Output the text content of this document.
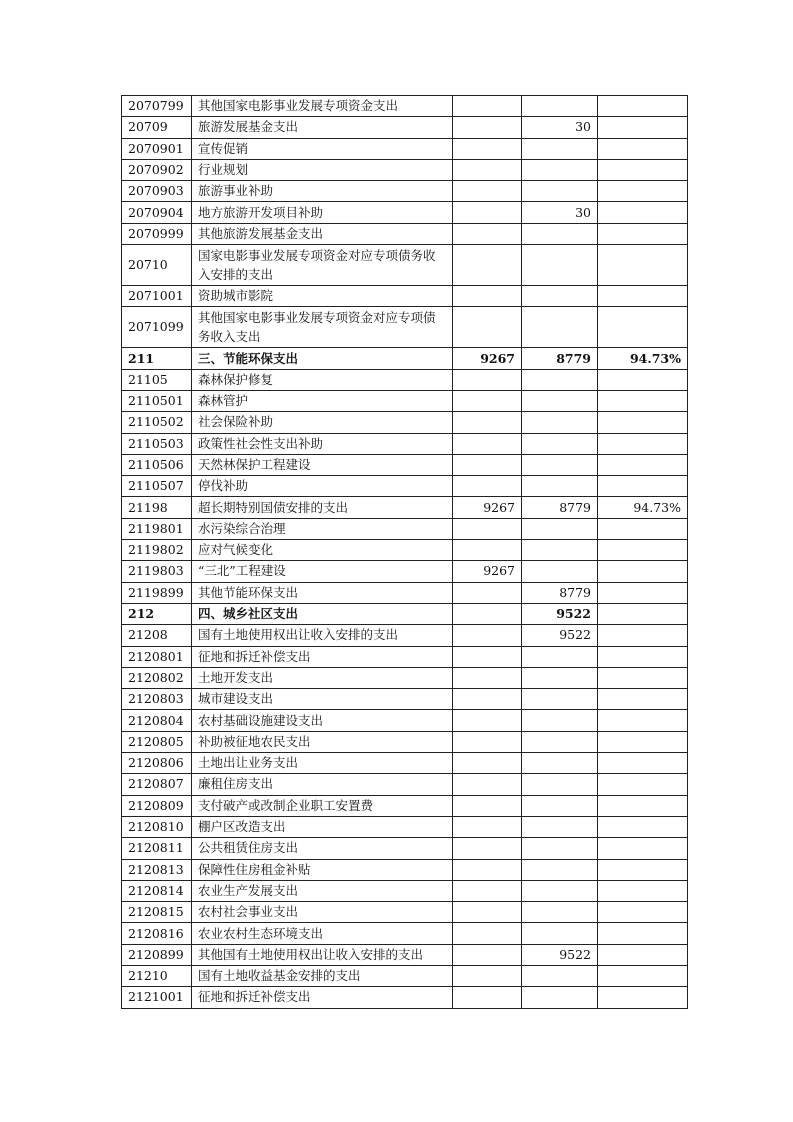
2070799	其他国家电影事业发展专项资金支出			
20709	旅游发展基金支出		30	
2070901	宣传促销			
2070902	行业规划			
2070903	旅游事业补助			
2070904	地方旅游开发项目补助		30	
2070999	其他旅游发展基金支出			
20710	国家电影事业发展专项资金对应专项债务收入安排的支出			
2071001	资助城市影院			
2071099	其他国家电影事业发展专项资金对应专项债务收入支出			
211	三、节能环保支出	9267	8779	94.73%
21105	森林保护修复			
2110501	森林管护			
2110502	社会保险补助			
2110503	政策性社会性支出补助			
2110506	天然林保护工程建设			
2110507	停伐补助			
21198	超长期特别国债安排的支出	9267	8779	94.73%
2119801	水污染综合治理			
2119802	应对气候变化			
2119803	“三北”工程建设	9267		
2119899	其他节能环保支出		8779	
212	四、城乡社区支出		9522	
21208	国有土地使用权出让收入安排的支出		9522	
2120801	征地和拆迁补偿支出			
2120802	土地开发支出			
2120803	城市建设支出			
2120804	农村基础设施建设支出			
2120805	补助被征地农民支出			
2120806	土地出让业务支出			
2120807	廉租住房支出			
2120809	支付破产或改制企业职工安置费			
2120810	棚户区改造支出			
2120811	公共租赁住房支出			
2120813	保障性住房租金补贴			
2120814	农业生产发展支出			
2120815	农村社会事业支出			
2120816	农业农村生态环境支出			
2120899	其他国有土地使用权出让收入安排的支出		9522	
21210	国有土地收益基金安排的支出			
2121001	征地和拆迁补偿支出			
